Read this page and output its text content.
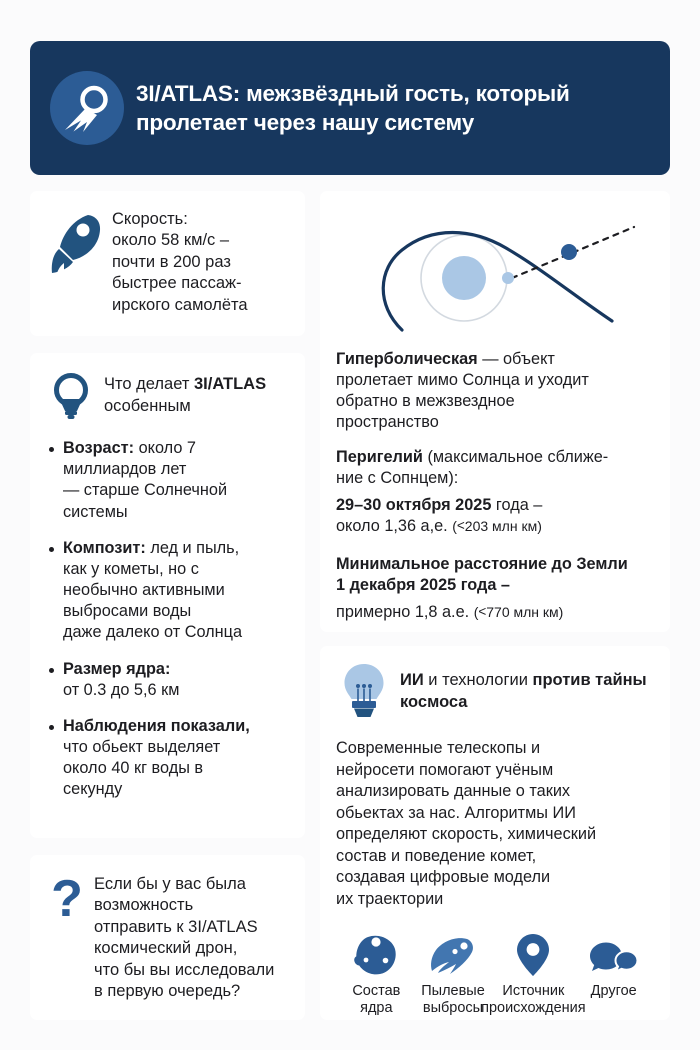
3I/ATLAS: межзвёздный гость, который пролетает через нашу систему
Скорость:
около 58 км/с –
почти в 200 раз
быстрее пассаж-
ирского самолёта
Что делает 3I/ATLAS особенным
Возраст: около 7
миллиардов лет
— старше Солнечной
системы
Композит: лед и пыль,
как у кометы, но с
необычно активными
выбросами воды
даже далеко от Солнца
Размер ядра:
от 0.3 до 5,6 км
Наблюдения показали,
что обьект выделяет
около 40 кг воды в
секунду
? Если бы у вас была
возможность
отправить к 3I/ATLAS
космический дрон,
что бы вы исследовали
в первую очередь?
Гиперболическая — объект
пролетает мимо Солнца и уходит
обратно в межзвездное
пространство
Перигелий (максимальное сближе-
ние с Сопнцем):
29–30 октября 2025 года –
около 1,36 а,е. (<203 млн км)
Минимальное расстояние до Земли
1 декабря 2025 года –
примерно 1,8 а.е. (<770 млн км)
ИИ и технологии против тайны космоса
Современные телескопы и
нейросети помогают учёным
анализировать данные о таких
обьектах за нас. Алгоритмы ИИ
определяют скорость, химический
состав и поведение комет,
создавая цифровые модели
их траектории
Состав
ядра
Пылевые
выбросы
Источник
происхождения
Другое
